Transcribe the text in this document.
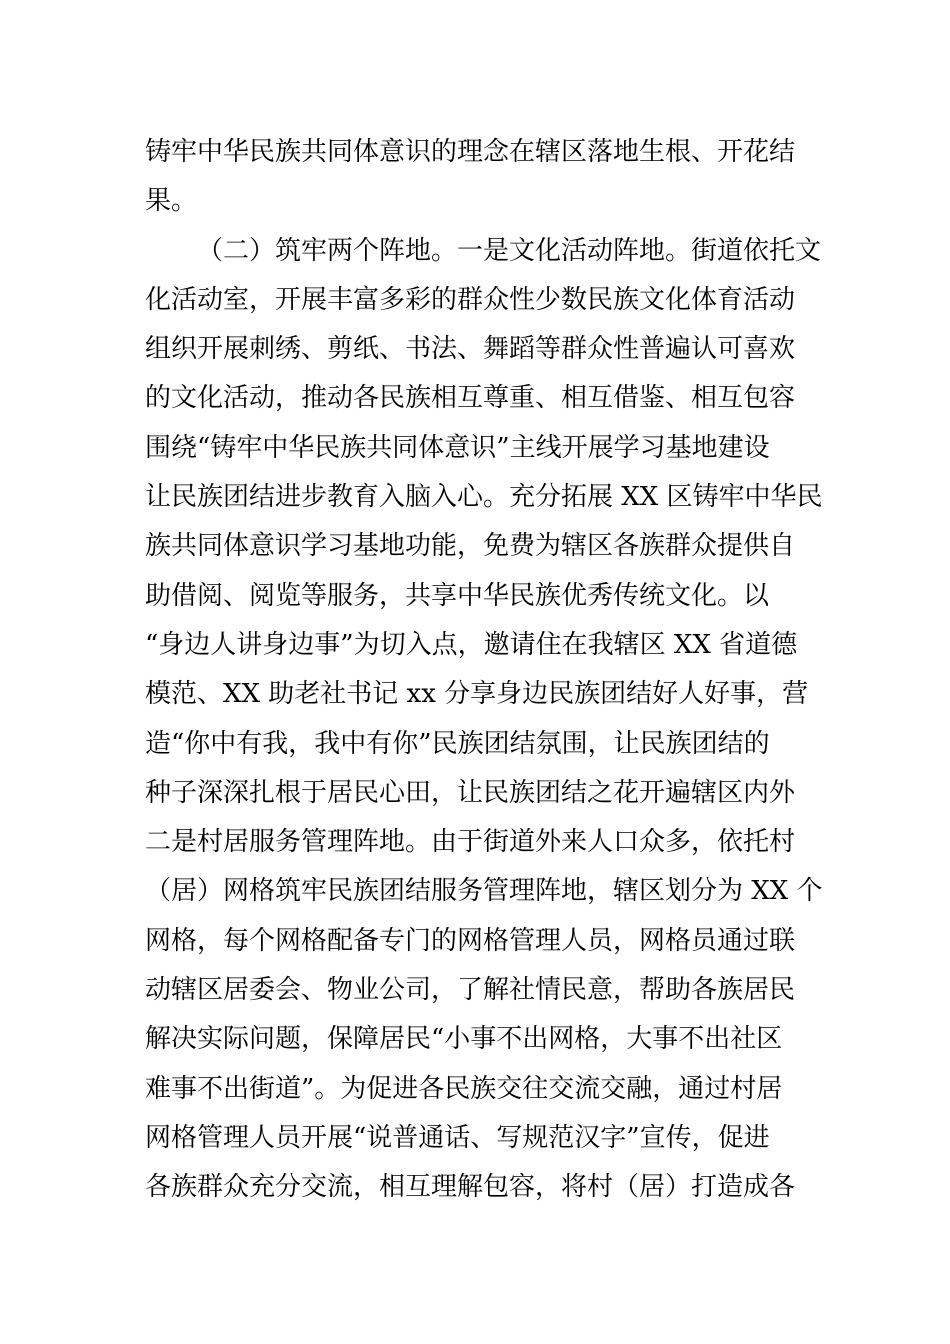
铸牢中华民族共同体意识的理念在辖区落地生根、开花结
果。
（二）筑牢两个阵地。一是文化活动阵地。街道依托文
化活动室，开展丰富多彩的群众性少数民族文化体育活动
组织开展刺绣、剪纸、书法、舞蹈等群众性普遍认可喜欢
的文化活动，推动各民族相互尊重、相互借鉴、相互包容
围绕“铸牢中华民族共同体意识”主线开展学习基地建设
让民族团结进步教育入脑入心。充分拓展 XX 区铸牢中华民
族共同体意识学习基地功能，免费为辖区各族群众提供自
助借阅、阅览等服务，共享中华民族优秀传统文化。以
“身边人讲身边事”为切入点，邀请住在我辖区 XX 省道德
模范、XX 助老社书记 xx 分享身边民族团结好人好事，营
造“你中有我，我中有你”民族团结氛围，让民族团结的
种子深深扎根于居民心田，让民族团结之花开遍辖区内外
二是村居服务管理阵地。由于街道外来人口众多，依托村
（居）网格筑牢民族团结服务管理阵地，辖区划分为 XX 个
网格，每个网格配备专门的网格管理人员，网格员通过联
动辖区居委会、物业公司，了解社情民意，帮助各族居民
解决实际问题，保障居民“小事不出网格，大事不出社区
难事不出街道”。为促进各民族交往交流交融，通过村居
网格管理人员开展“说普通话、写规范汉字”宣传，促进
各族群众充分交流，相互理解包容，将村（居）打造成各
